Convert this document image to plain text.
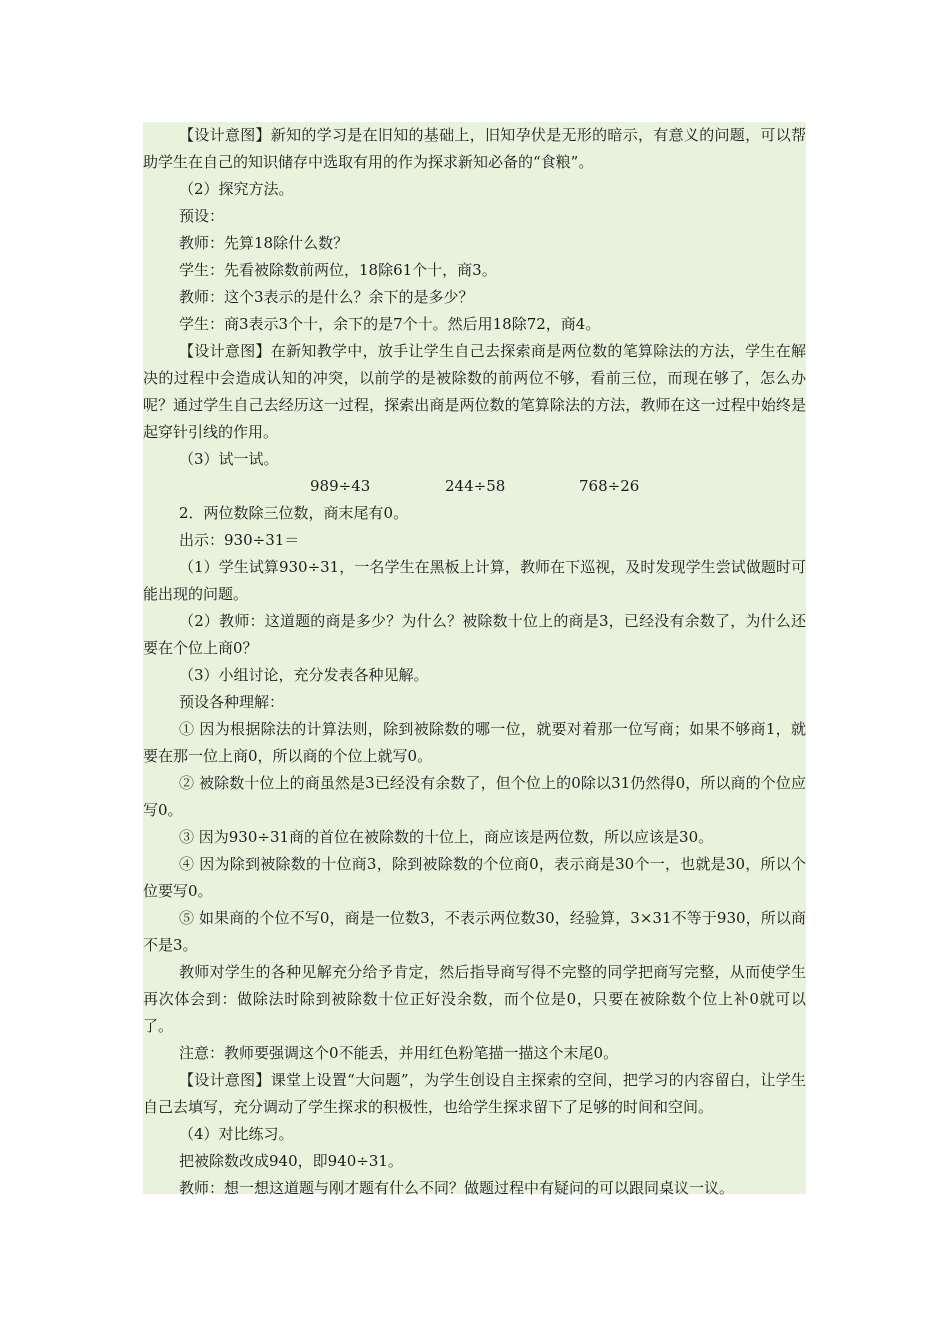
【设计意图】新知的学习是在旧知的基础上，旧知孕伏是无形的暗示，有意义的问题，可以帮助学生在自己的知识储存中选取有用的作为探求新知必备的“食粮”。

（2）探究方法。

预设：

教师：先算18除什么数？

学生：先看被除数前两位，18除61个十，商3。

教师：这个3表示的是什么？余下的是多少？

学生：商3表示3个十，余下的是7个十。然后用18除72，商4。

【设计意图】在新知教学中，放手让学生自己去探索商是两位数的笔算除法的方法，学生在解决的过程中会造成认知的冲突，以前学的是被除数的前两位不够，看前三位，而现在够了，怎么办呢？通过学生自己去经历这一过程，探索出商是两位数的笔算除法的方法，教师在这一过程中始终是起穿针引线的作用。

（3）试一试。

989÷43	244÷58	768÷26

2．两位数除三位数，商末尾有0。

出示：930÷31＝

（1）学生试算930÷31，一名学生在黑板上计算，教师在下巡视，及时发现学生尝试做题时可能出现的问题。

（2）教师：这道题的商是多少？为什么？被除数十位上的商是3，已经没有余数了，为什么还要在个位上商0？

（3）小组讨论，充分发表各种见解。

预设各种理解：

① 因为根据除法的计算法则，除到被除数的哪一位，就要对着那一位写商；如果不够商1，就要在那一位上商0，所以商的个位上就写0。

② 被除数十位上的商虽然是3已经没有余数了，但个位上的0除以31仍然得0，所以商的个位应写0。

③ 因为930÷31商的首位在被除数的十位上，商应该是两位数，所以应该是30。

④ 因为除到被除数的十位商3，除到被除数的个位商0，表示商是30个一，也就是30，所以个位要写0。

⑤ 如果商的个位不写0，商是一位数3，不表示两位数30，经验算，3×31不等于930，所以商不是3。

教师对学生的各种见解充分给予肯定，然后指导商写得不完整的同学把商写完整，从而使学生再次体会到：做除法时除到被除数十位正好没余数，而个位是0，只要在被除数个位上补0就可以了。

注意：教师要强调这个0不能丢，并用红色粉笔描一描这个末尾0。

【设计意图】课堂上设置“大问题”，为学生创设自主探索的空间，把学习的内容留白，让学生自己去填写，充分调动了学生探求的积极性，也给学生探求留下了足够的时间和空间。

（4）对比练习。

把被除数改成940，即940÷31。

教师：想一想这道题与刚才题有什么不同？做题过程中有疑问的可以跟同桌议一议。
